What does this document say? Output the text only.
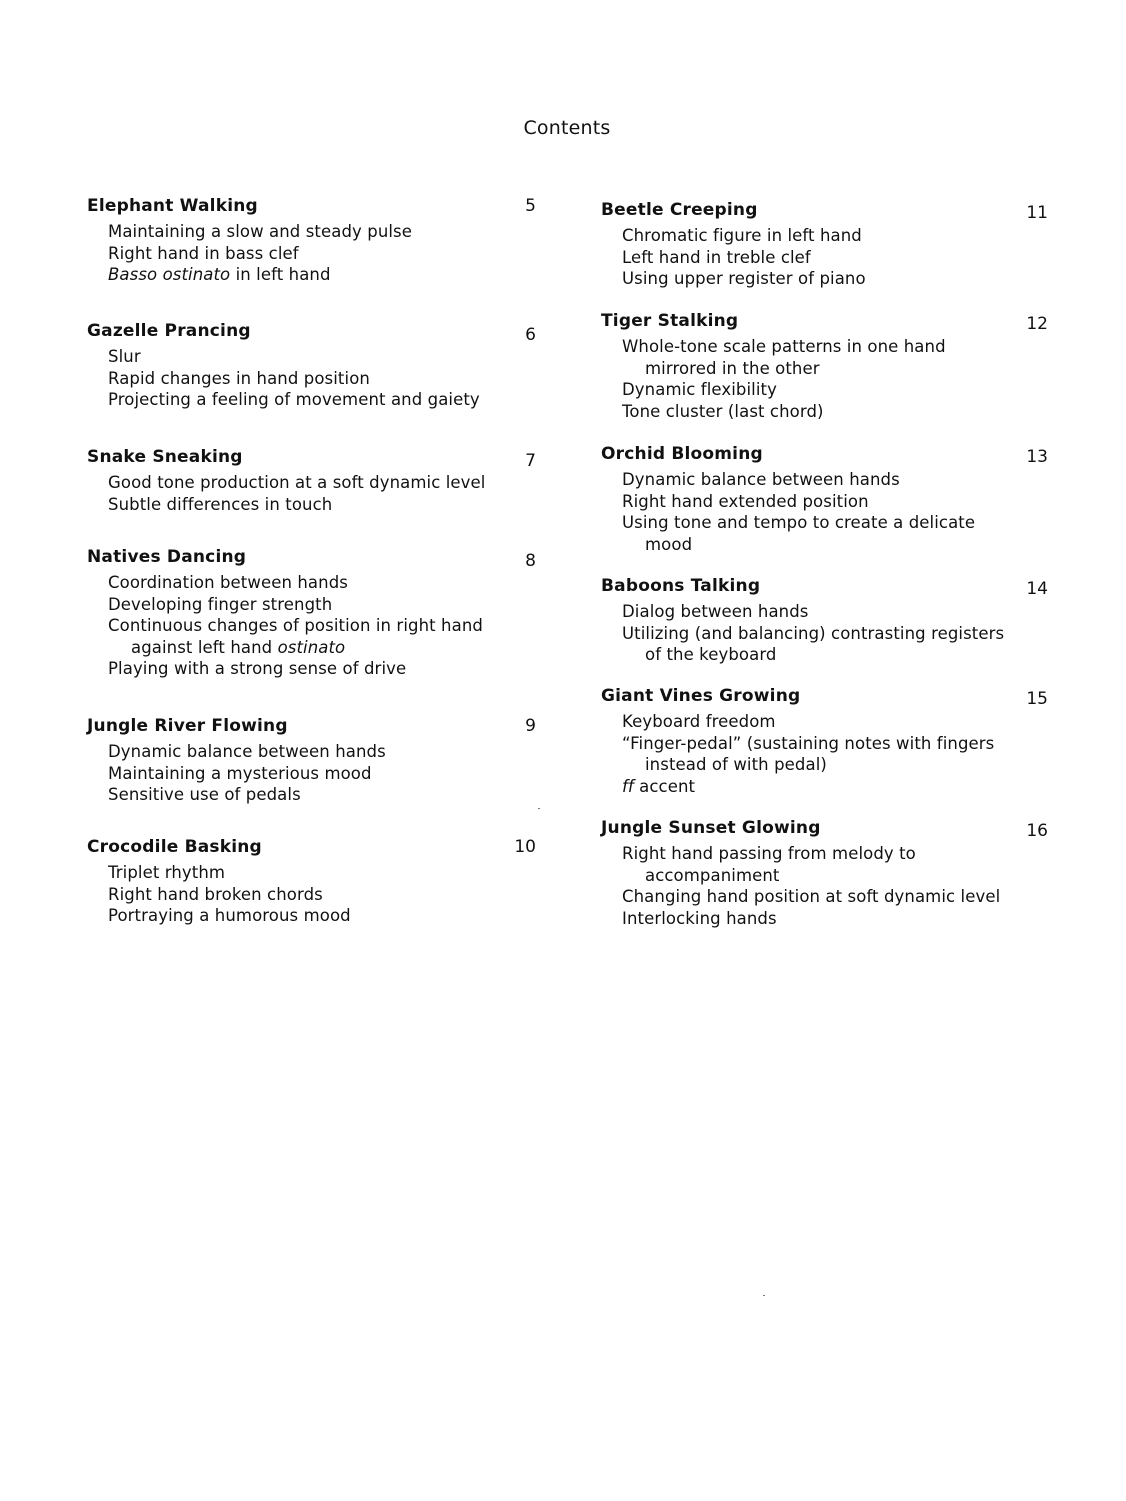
Contents
Elephant Walking	5
Maintaining a slow and steady pulse
Right hand in bass clef
Basso ostinato in left hand
Gazelle Prancing	6
Slur
Rapid changes in hand position
Projecting a feeling of movement and gaiety
Snake Sneaking	7
Good tone production at a soft dynamic level
Subtle differences in touch
Natives Dancing	8
Coordination between hands
Developing finger strength
Continuous changes of position in right hand
against left hand ostinato
Playing with a strong sense of drive
Jungle River Flowing	9
Dynamic balance between hands
Maintaining a mysterious mood
Sensitive use of pedals
Crocodile Basking	10
Triplet rhythm
Right hand broken chords
Portraying a humorous mood
Beetle Creeping	11
Chromatic figure in left hand
Left hand in treble clef
Using upper register of piano
Tiger Stalking	12
Whole-tone scale patterns in one hand
mirrored in the other
Dynamic flexibility
Tone cluster (last chord)
Orchid Blooming	13
Dynamic balance between hands
Right hand extended position
Using tone and tempo to create a delicate
mood
Baboons Talking	14
Dialog between hands
Utilizing (and balancing) contrasting registers
of the keyboard
Giant Vines Growing	15
Keyboard freedom
“Finger-pedal” (sustaining notes with fingers
instead of with pedal)
ff accent
Jungle Sunset Glowing	16
Right hand passing from melody to
accompaniment
Changing hand position at soft dynamic level
Interlocking hands
